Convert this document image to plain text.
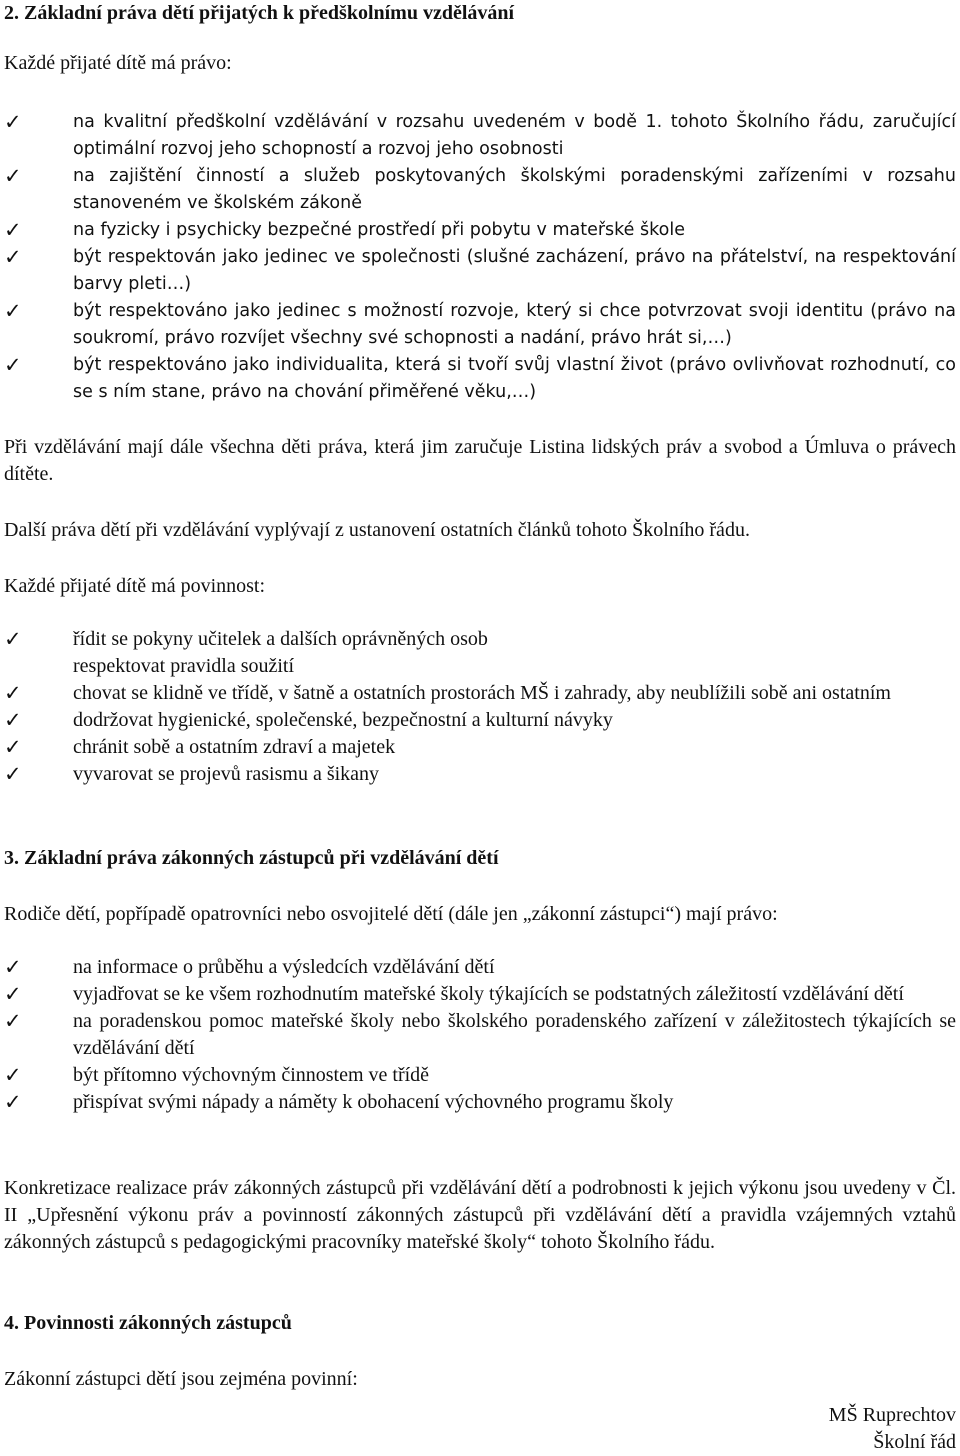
2. Základní práva dětí přijatých k předškolnímu vzdělávání
Každé přijaté dítě má právo:
✓	na kvalitní předškolní vzdělávání v rozsahu uvedeném v bodě 1. tohoto Školního řádu, zaručující optimální rozvoj jeho schopností a rozvoj jeho osobnosti
✓	na zajištění činností a služeb poskytovaných školskými poradenskými zařízeními v rozsahu stanoveném ve školském zákoně
✓	na fyzicky i psychicky bezpečné prostředí při pobytu v mateřské škole
✓	být respektován jako jedinec ve společnosti (slušné zacházení, právo na přátelství, na respektování barvy pleti…)
✓	být respektováno jako jedinec s možností rozvoje, který si chce potvrzovat svoji identitu (právo na soukromí, právo rozvíjet všechny své schopnosti a nadání, právo hrát si,…)
✓	být respektováno jako individualita, která si tvoří svůj vlastní život (právo ovlivňovat rozhodnutí, co se s ním stane, právo na chování přiměřené věku,…)
Při vzdělávání mají dále všechna děti práva, která jim zaručuje Listina lidských práv a svobod a Úmluva o právech dítěte.
Další práva dětí při vzdělávání vyplývají z ustanovení ostatních článků tohoto Školního řádu.
Každé přijaté dítě má povinnost:
✓	řídit se pokyny učitelek a dalších oprávněných osob
respektovat pravidla soužití
✓	chovat se klidně ve třídě, v šatně a ostatních prostorách MŠ i zahrady, aby neublížili sobě ani ostatním
✓	dodržovat hygienické, společenské, bezpečnostní a kulturní návyky
✓	chránit sobě a ostatním zdraví a majetek
✓	vyvarovat se projevů rasismu a šikany
3. Základní práva zákonných zástupců při vzdělávání dětí
Rodiče dětí, popřípadě opatrovníci nebo osvojitelé dětí (dále jen „zákonní zástupci“) mají právo:
✓	na informace o průběhu a výsledcích vzdělávání dětí
✓	vyjadřovat se ke všem rozhodnutím mateřské školy týkajících se podstatných záležitostí vzdělávání dětí
✓	na poradenskou pomoc mateřské školy nebo školského poradenského zařízení v záležitostech týkajících se vzdělávání dětí
✓	být přítomno výchovným činnostem ve třídě
✓	přispívat svými nápady a náměty k obohacení výchovného programu školy
Konkretizace realizace práv zákonných zástupců při vzdělávání dětí a podrobnosti k jejich výkonu jsou uvedeny v Čl. II „Upřesnění výkonu práv a povinností zákonných zástupců při vzdělávání dětí a pravidla vzájemných vztahů zákonných zástupců s pedagogickými pracovníky mateřské školy“ tohoto Školního řádu.
4. Povinnosti zákonných zástupců
Zákonní zástupci dětí jsou zejména povinní:
MŠ Ruprechtov
Školní řád
